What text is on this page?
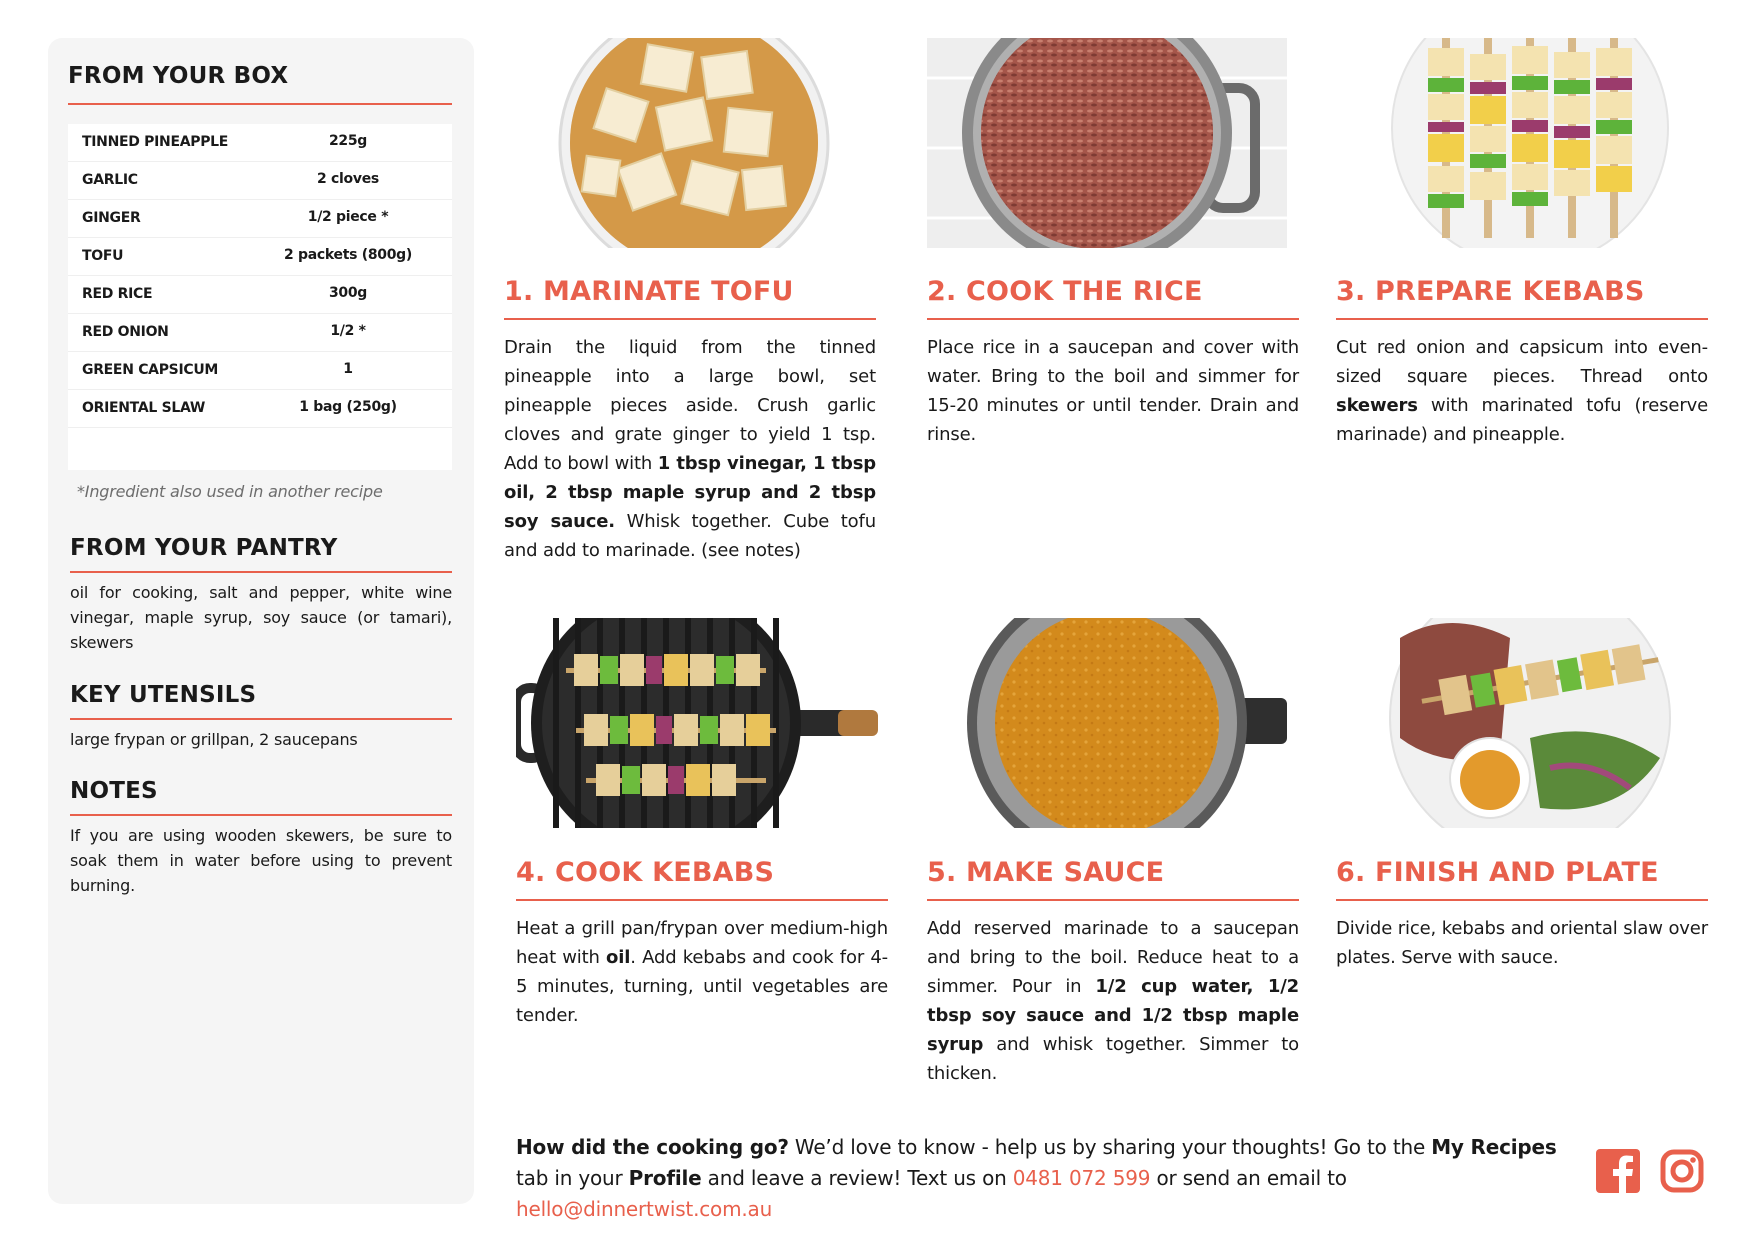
FROM YOUR BOX
TINNED PINEAPPLE	225g
GARLIC	2 cloves
GINGER	1/2 piece *
TOFU	2 packets (800g)
RED RICE	300g
RED ONION	1/2 *
GREEN CAPSICUM	1
ORIENTAL SLAW	1 bag (250g)
*Ingredient also used in another recipe
FROM YOUR PANTRY
oil for cooking, salt and pepper, white wine vinegar, maple syrup, soy sauce (or tamari), skewers
KEY UTENSILS
large frypan or grillpan, 2 saucepans
NOTES
If you are using wooden skewers, be sure to soak them in water before using to prevent burning.
1. MARINATE TOFU
Drain the liquid from the tinned pineapple into a large bowl, set pineapple pieces aside. Crush garlic cloves and grate ginger to yield 1 tsp. Add to bowl with 1 tbsp vinegar, 1 tbsp oil, 2 tbsp maple syrup and 2 tbsp soy sauce. Whisk together. Cube tofu and add to marinade. (see notes)
2. COOK THE RICE
Place rice in a saucepan and cover with water. Bring to the boil and simmer for 15-20 minutes or until tender. Drain and rinse.
3. PREPARE KEBABS
Cut red onion and capsicum into even-sized square pieces. Thread onto skewers with marinated tofu (reserve marinade) and pineapple.
4. COOK KEBABS
Heat a grill pan/frypan over medium-high heat with oil. Add kebabs and cook for 4-5 minutes, turning, until vegetables are tender.
5. MAKE SAUCE
Add reserved marinade to a saucepan and bring to the boil. Reduce heat to a simmer. Pour in 1/2 cup water, 1/2 tbsp soy sauce and 1/2 tbsp maple syrup and whisk together. Simmer to thicken.
6. FINISH AND PLATE
Divide rice, kebabs and oriental slaw over plates. Serve with sauce.
How did the cooking go? We’d love to know - help us by sharing your thoughts! Go to the My Recipes tab in your Profile and leave a review! Text us on 0481 072 599 or send an email to hello@dinnertwist.com.au
